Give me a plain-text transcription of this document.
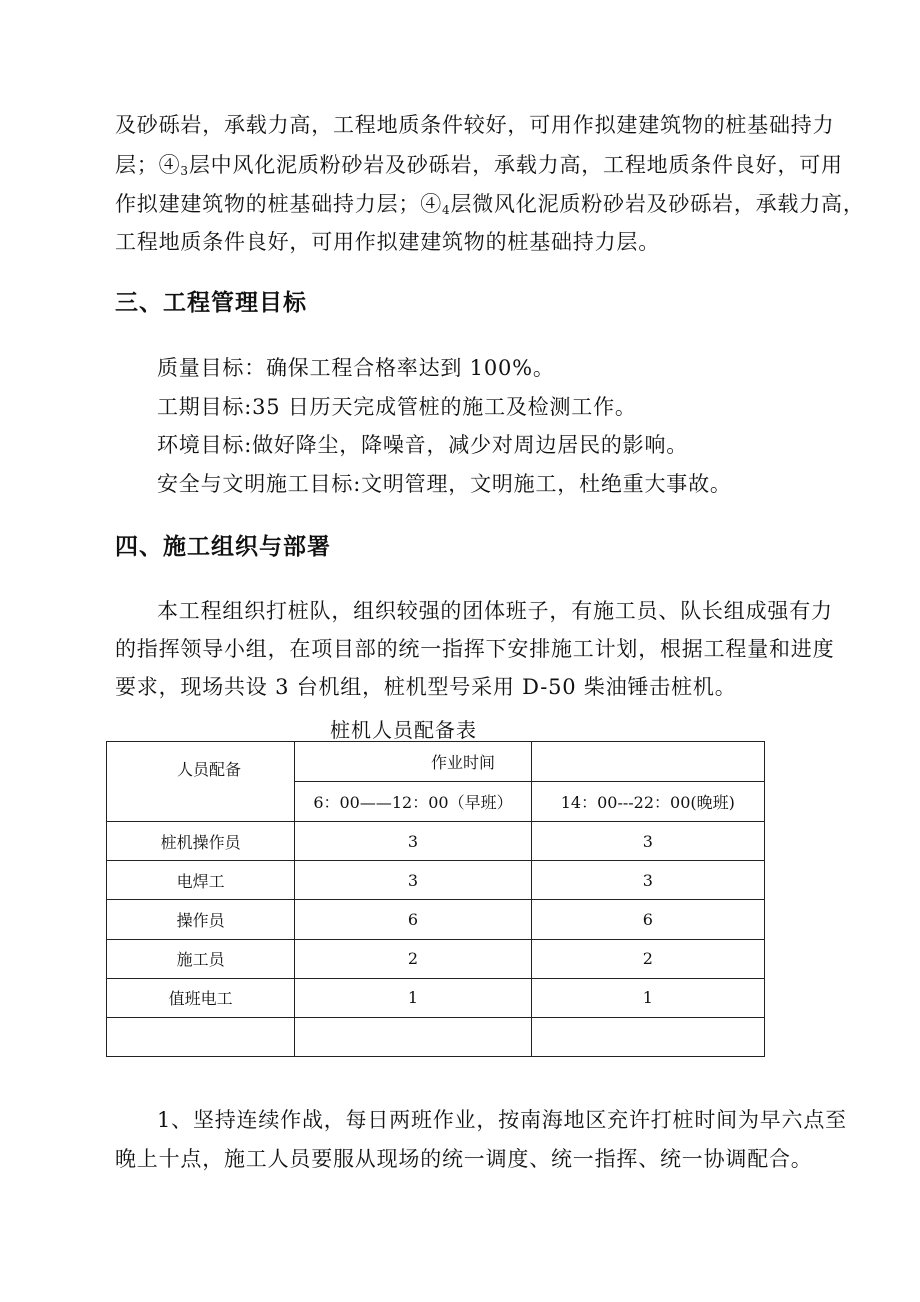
及砂砾岩，承载力高，工程地质条件较好，可用作拟建建筑物的桩基础持力

层；$④_3$层中风化泥质粉砂岩及砂砾岩，承载力高，工程地质条件良好，可用

作拟建建筑物的桩基础持力层；$④_4$层微风化泥质粉砂岩及砂砾岩，承载力高，

工程地质条件良好，可用作拟建建筑物的桩基础持力层。

三、工程管理目标

质量目标：确保工程合格率达到 100%。

工期目标:35 日历天完成管桩的施工及检测工作。

环境目标:做好降尘，降噪音，减少对周边居民的影响。

安全与文明施工目标:文明管理，文明施工，杜绝重大事故。

四、施工组织与部署

本工程组织打桩队，组织较强的团体班子，有施工员、队长组成强有力

的指挥领导小组，在项目部的统一指挥下安排施工计划，根据工程量和进度

要求，现场共设 3 台机组，桩机型号采用 D-50 柴油锤击桩机。

桩机人员配备表
人员配备	作业时间	
	6：00——12：00（早班）	14：00---22：00(晚班)
桩机操作员	3	3
电焊工	3	3
操作员	6	6
施工员	2	2
值班电工	1	1

1、坚持连续作战，每日两班作业，按南海地区充许打桩时间为早六点至

晚上十点，施工人员要服从现场的统一调度、统一指挥、统一协调配合。
